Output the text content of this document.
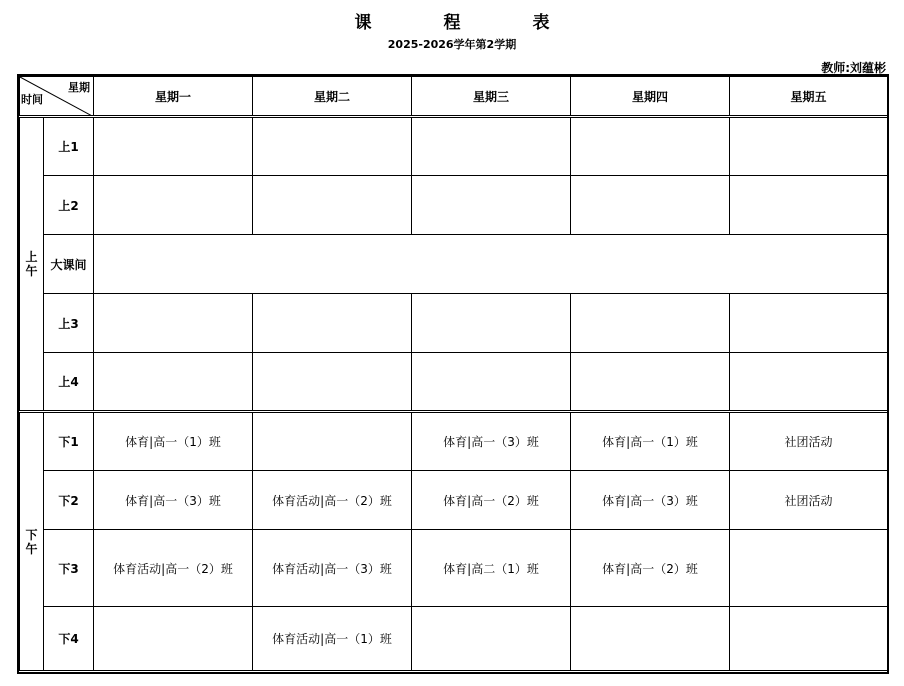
课	程	表
2025-2026学年第2学期
教师:刘蕴彬
星期
时间		星期一	星期二	星期三	星期四	星期五
上
午	上1					
	上2					
	大课间					
	上3					
	上4					
下
午	下1	体育|高一（1）班		体育|高一（3）班	体育|高一（1）班	社团活动
	下2	体育|高一（3）班	体育活动|高一（2）班	体育|高一（2）班	体育|高一（3）班	社团活动
	下3	体育活动|高一（2）班	体育活动|高一（3）班	体育|高二（1）班	体育|高一（2）班	
	下4		体育活动|高一（1）班			
